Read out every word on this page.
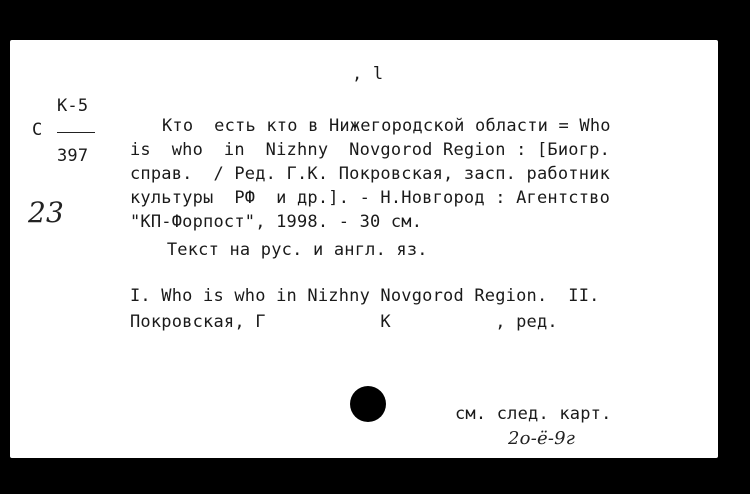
, l
К-5
С
397
23
Кто  есть кто в Нижегородской области = Who
is  who  in  Nizhny  Novgorod Region : [Биогр.
справ.  / Ред. Г.К. Покровская, засп. работник
культуры  РФ  и др.]. - Н.Новгород : Агентство
"КП-Форпост", 1998. - 30 см.
Текст на рус. и англ. яз.
I. Who is who in Nizhny Novgorod Region.  II.
Покровская, Г           К          , ред.
см. след. карт.
2о-ё-9г
